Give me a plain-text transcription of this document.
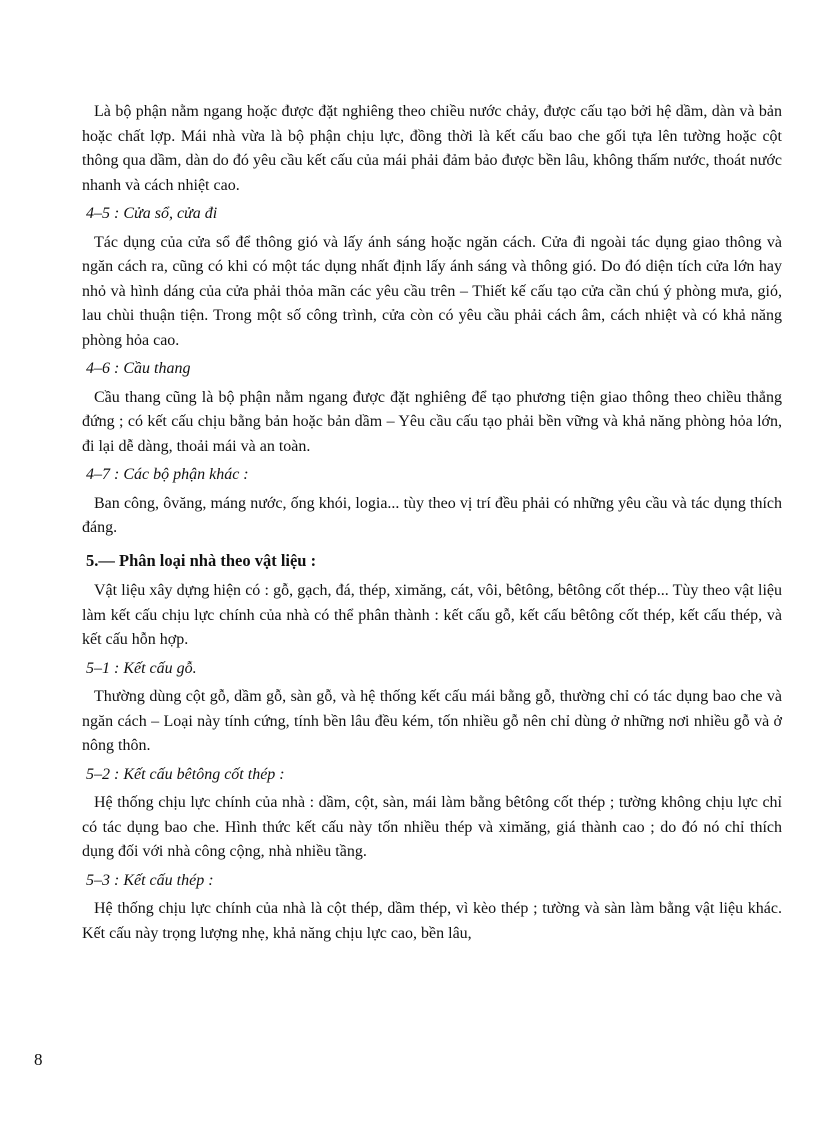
Là bộ phận nằm ngang hoặc được đặt nghiêng theo chiều nước chảy, được cấu tạo bởi hệ dầm, dàn và bản hoặc chất lợp. Mái nhà vừa là bộ phận chịu lực, đồng thời là kết cấu bao che gối tựa lên tường hoặc cột thông qua dầm, dàn do đó yêu cầu kết cấu của mái phải đảm bảo được bền lâu, không thấm nước, thoát nước nhanh và cách nhiệt cao.

4–5 : Cửa sổ, cửa đi

Tác dụng của cửa sổ để thông gió và lấy ánh sáng hoặc ngăn cách. Cửa đi ngoài tác dụng giao thông và ngăn cách ra, cũng có khi có một tác dụng nhất định lấy ánh sáng và thông gió. Do đó diện tích cửa lớn hay nhỏ và hình dáng của cửa phải thỏa mãn các yêu cầu trên – Thiết kế cấu tạo cửa cần chú ý phòng mưa, gió, lau chùi thuận tiện. Trong một số công trình, cửa còn có yêu cầu phải cách âm, cách nhiệt và có khả năng phòng hỏa cao.

4–6 : Cầu thang

Cầu thang cũng là bộ phận nằm ngang được đặt nghiêng để tạo phương tiện giao thông theo chiều thẳng đứng ; có kết cấu chịu bằng bản hoặc bản dầm – Yêu cầu cấu tạo phải bền vững và khả năng phòng hỏa lớn, đi lại dễ dàng, thoải mái và an toàn.

4–7 : Các bộ phận khác :

Ban công, ôvăng, máng nước, ống khói, logia... tùy theo vị trí đều phải có những yêu cầu và tác dụng thích đáng.

5.— Phân loại nhà theo vật liệu :

Vật liệu xây dựng hiện có : gỗ, gạch, đá, thép, ximăng, cát, vôi, bêtông, bêtông cốt thép... Tùy theo vật liệu làm kết cấu chịu lực chính của nhà có thể phân thành : kết cấu gỗ, kết cấu bêtông cốt thép, kết cấu thép, và kết cấu hỗn hợp.

5–1 : Kết cấu gỗ.

Thường dùng cột gỗ, dầm gỗ, sàn gỗ, và hệ thống kết cấu mái bằng gỗ, thường chỉ có tác dụng bao che và ngăn cách – Loại này tính cứng, tính bền lâu đều kém, tốn nhiều gỗ nên chỉ dùng ở những nơi nhiều gỗ và ở nông thôn.

5–2 : Kết cấu bêtông cốt thép :

Hệ thống chịu lực chính của nhà : dầm, cột, sàn, mái làm bằng bêtông cốt thép ; tường không chịu lực chỉ có tác dụng bao che. Hình thức kết cấu này tốn nhiều thép và ximăng, giá thành cao ; do đó nó chỉ thích dụng đối với nhà công cộng, nhà nhiều tầng.

5–3 : Kết cấu thép :

Hệ thống chịu lực chính của nhà là cột thép, dầm thép, vì kèo thép ; tường và sàn làm bằng vật liệu khác. Kết cấu này trọng lượng nhẹ, khả năng chịu lực cao, bền lâu,

8
